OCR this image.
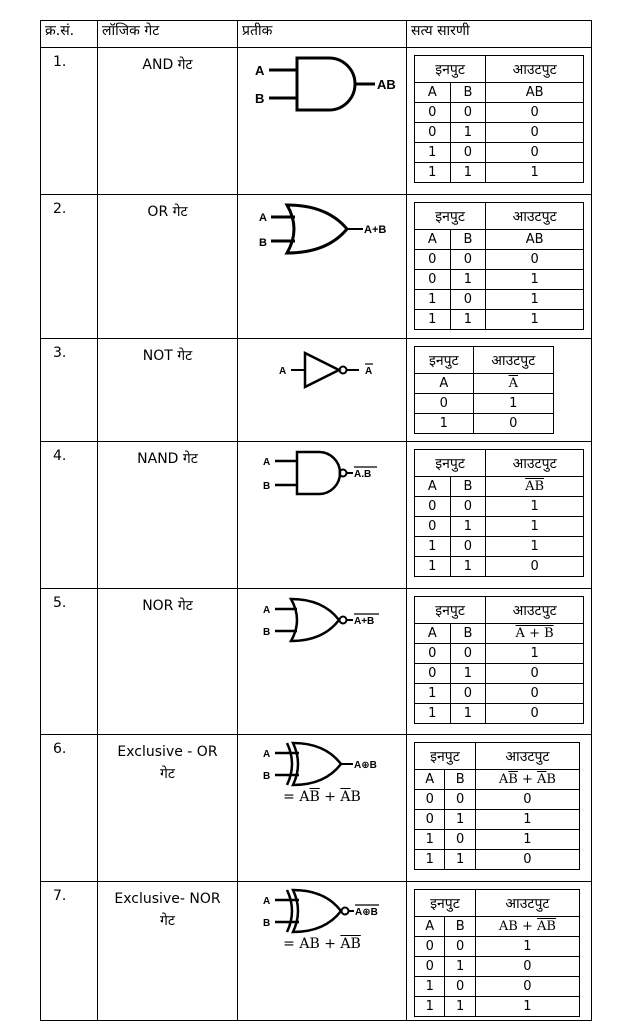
क्र.सं.	लॉजिक गेट	प्रतीक	सत्य सारणी
1.	AND गेट	A
B
AB

इनपुट	आउटपुट
A	B	AB
0	0	0
0	1	0
1	0	0
1	1	1

2.	OR गेट	A
B
A+B

इनपुट	आउटपुट
A	B	AB
0	0	0
0	1	1
1	0	1
1	1	1

3.	NOT गेट	
A	A

इनपुट	आउटपुट
A	$\overline{A}$
0	1
1	0

4.	NAND गेट	A
B
A.B

इनपुट	आउटपुट
A	B	$\overline{AB}$
0	0	1
0	1	1
1	0	1
1	1	0

5.	NOR गेट	A
B
A+B

इनपुट	आउटपुट
A	B	A + B
0	0	1
0	1	0
1	0	0
1	1	0

6.	Exclusive - OR
गेट

A
B
A⊕B
= $A\overline{B} + \overline{A}B$

इनपुट	आउटपुट
A	B	$A\overline{B} + \overline{A}B$
0	0	0
0	1	1
1	0	1
1	1	0

7.	Exclusive- NOR
गेट

A
B
A⊕B
= AB + $\overline{AB}$

इनपुट	आउटपुट
A	B	AB + $\overline{AB}$
0	0	1
0	1	0
1	0	0
1	1	1
